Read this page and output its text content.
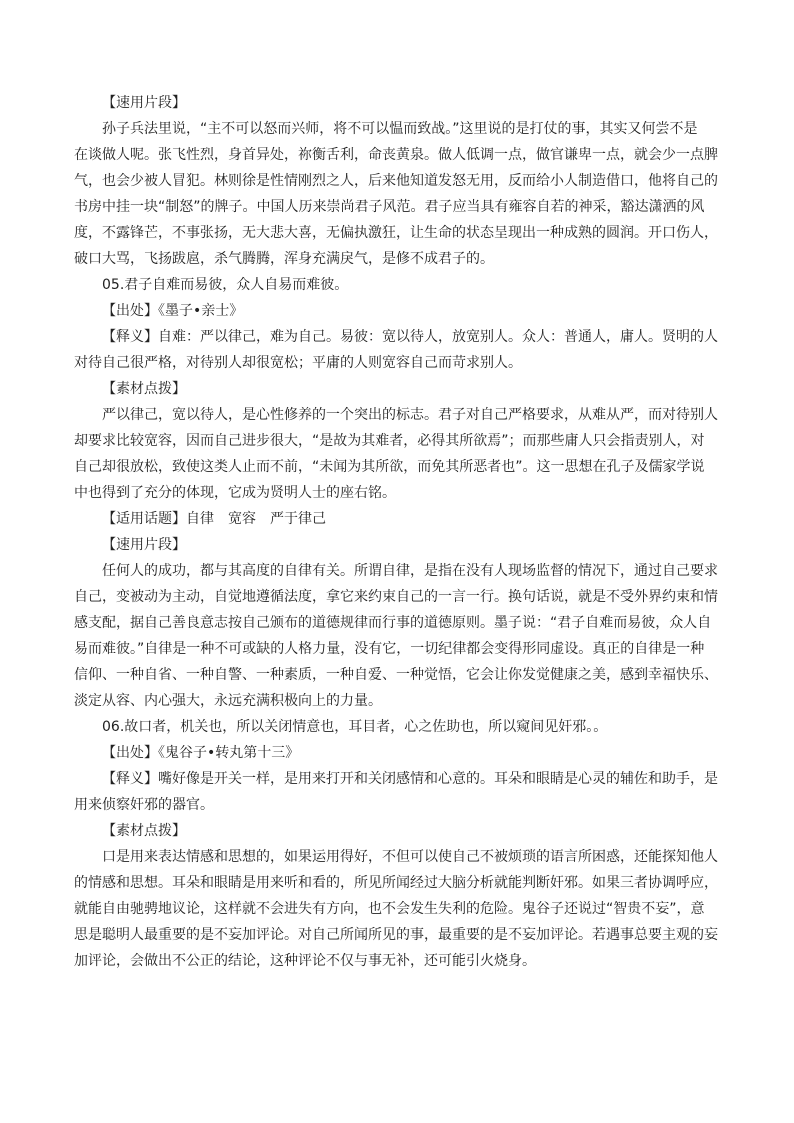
【速用片段】

孙子兵法里说，“主不可以怒而兴师，将不可以愠而致战。”这里说的是打仗的事，其实又何尝不是

在谈做人呢。张飞性烈，身首异处，祢衡舌利，命丧黄泉。做人低调一点，做官谦卑一点，就会少一点脾

气，也会少被人冒犯。林则徐是性情刚烈之人，后来他知道发怒无用，反而给小人制造借口，他将自己的

书房中挂一块“制怒”的牌子。中国人历来崇尚君子风范。君子应当具有雍容自若的神采，豁达潇洒的风

度，不露锋芒，不事张扬，无大悲大喜，无偏执激狂，让生命的状态呈现出一种成熟的圆润。开口伤人，

破口大骂，飞扬跋扈，杀气腾腾，浑身充满戾气，是修不成君子的。

05.君子自难而易彼，众人自易而难彼。

【出处】《墨子•亲士》

【释义】自难：严以律己，难为自己。易彼：宽以待人，放宽别人。众人：普通人，庸人。贤明的人

对待自己很严格，对待别人却很宽松；平庸的人则宽容自己而苛求别人。

【素材点拨】

严以律己，宽以待人，是心性修养的一个突出的标志。君子对自己严格要求，从难从严，而对待别人

却要求比较宽容，因而自己进步很大，“是故为其难者，必得其所欲焉”；而那些庸人只会指责别人，对

自己却很放松，致使这类人止而不前，“未闻为其所欲，而免其所恶者也”。这一思想在孔子及儒家学说

中也得到了充分的体现，它成为贤明人士的座右铭。

【适用话题】自律　宽容　严于律己

【速用片段】

任何人的成功，都与其高度的自律有关。所谓自律，是指在没有人现场监督的情况下，通过自己要求

自己，变被动为主动，自觉地遵循法度，拿它来约束自己的一言一行。换句话说，就是不受外界约束和情

感支配，据自己善良意志按自己颁布的道德规律而行事的道德原则。墨子说：“君子自难而易彼，众人自

易而难彼。”自律是一种不可或缺的人格力量，没有它，一切纪律都会变得形同虚设。真正的自律是一种

信仰、一种自省、一种自警、一种素质，一种自爱、一种觉悟，它会让你发觉健康之美，感到幸福快乐、

淡定从容、内心强大，永远充满积极向上的力量。

06.故口者，机关也，所以关闭情意也，耳目者，心之佐助也，所以窥间见奸邪。。

【出处】《鬼谷子•转丸第十三》

【释义】嘴好像是开关一样，是用来打开和关闭感情和心意的。耳朵和眼睛是心灵的辅佐和助手，是

用来侦察奸邪的器官。

【素材点拨】

口是用来表达情感和思想的，如果运用得好，不但可以使自己不被烦琐的语言所困惑，还能探知他人

的情感和思想。耳朵和眼睛是用来听和看的，所见所闻经过大脑分析就能判断奸邪。如果三者协调呼应，

就能自由驰骋地议论，这样就不会进失有方向，也不会发生失利的危险。鬼谷子还说过“智贵不妄”，意

思是聪明人最重要的是不妄加评论。对自己所闻所见的事，最重要的是不妄加评论。若遇事总要主观的妄

加评论，会做出不公正的结论，这种评论不仅与事无补，还可能引火烧身。
